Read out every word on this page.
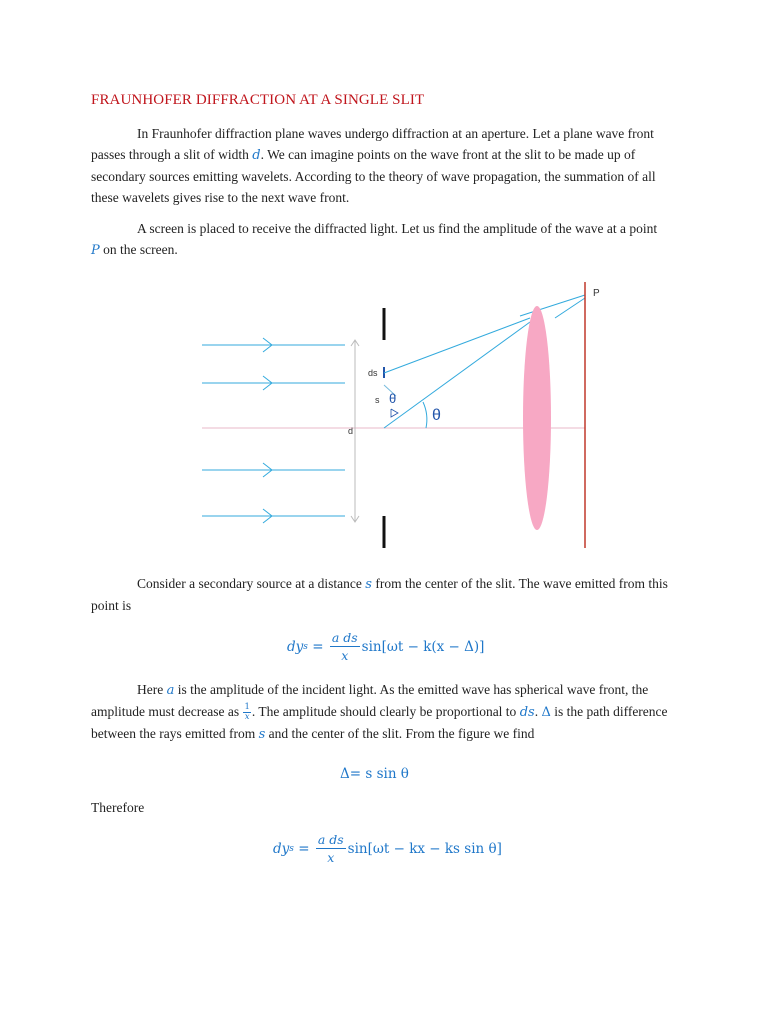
FRAUNHOFER DIFFRACTION AT A SINGLE SLIT

In Fraunhofer diffraction plane waves undergo diffraction at an aperture. Let a plane wave front passes through a slit of width d. We can imagine points on the wave front at the slit to be made up of secondary sources emitting wavelets. According to the theory of wave propagation, the summation of all these wavelets gives rise to the next wave front.

A screen is placed to receive the diffracted light. Let us find the amplitude of the wave at a point P on the screen.

d
ds
s θ
θ
P

Consider a secondary source at a distance s from the center of the slit. The wave emitted from this point is

dy $s = \frac{\text{a ds}}{x} \sin[\omega t - k(x - \Delta)]$

Here a is the amplitude of the incident light. As the emitted wave has spherical wave front, the amplitude must decrease as $\frac{1}{x}$ . The amplitude should clearly be proportional to ds. Δ is the path difference between the rays emitted from s and the center of the slit. From the figure we find

Δ= s sin θ

Therefore

dy $s = \frac{\text{a ds}}{x} \sin[\omega t$ − kx − ks sin θ]
